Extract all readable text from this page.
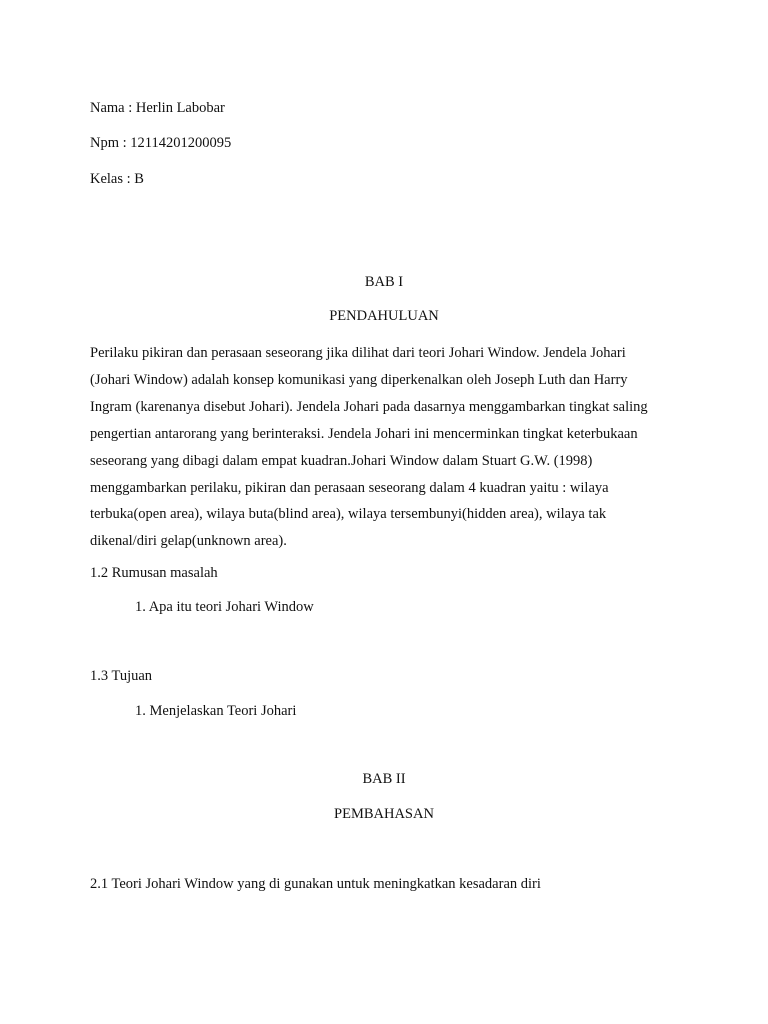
Nama : Herlin Labobar
Npm : 12114201200095
Kelas : B
BAB I
PENDAHULUAN
Perilaku pikiran dan perasaan seseorang jika dilihat dari teori Johari Window. Jendela Johari
(Johari Window) adalah konsep komunikasi yang diperkenalkan oleh Joseph Luth dan Harry
Ingram (karenanya disebut Johari). Jendela Johari pada dasarnya menggambarkan tingkat saling
pengertian antarorang yang berinteraksi. Jendela Johari ini mencerminkan tingkat keterbukaan
seseorang yang dibagi dalam empat kuadran.Johari Window dalam Stuart G.W. (1998)
menggambarkan perilaku, pikiran dan perasaan seseorang dalam 4 kuadran yaitu : wilaya
terbuka(open area), wilaya buta(blind area), wilaya tersembunyi(hidden area), wilaya tak
dikenal/diri gelap(unknown area).
1.2 Rumusan masalah
1. Apa itu teori Johari Window
1.3 Tujuan
1. Menjelaskan Teori Johari
BAB II
PEMBAHASAN
2.1 Teori Johari Window yang di gunakan untuk meningkatkan kesadaran diri
